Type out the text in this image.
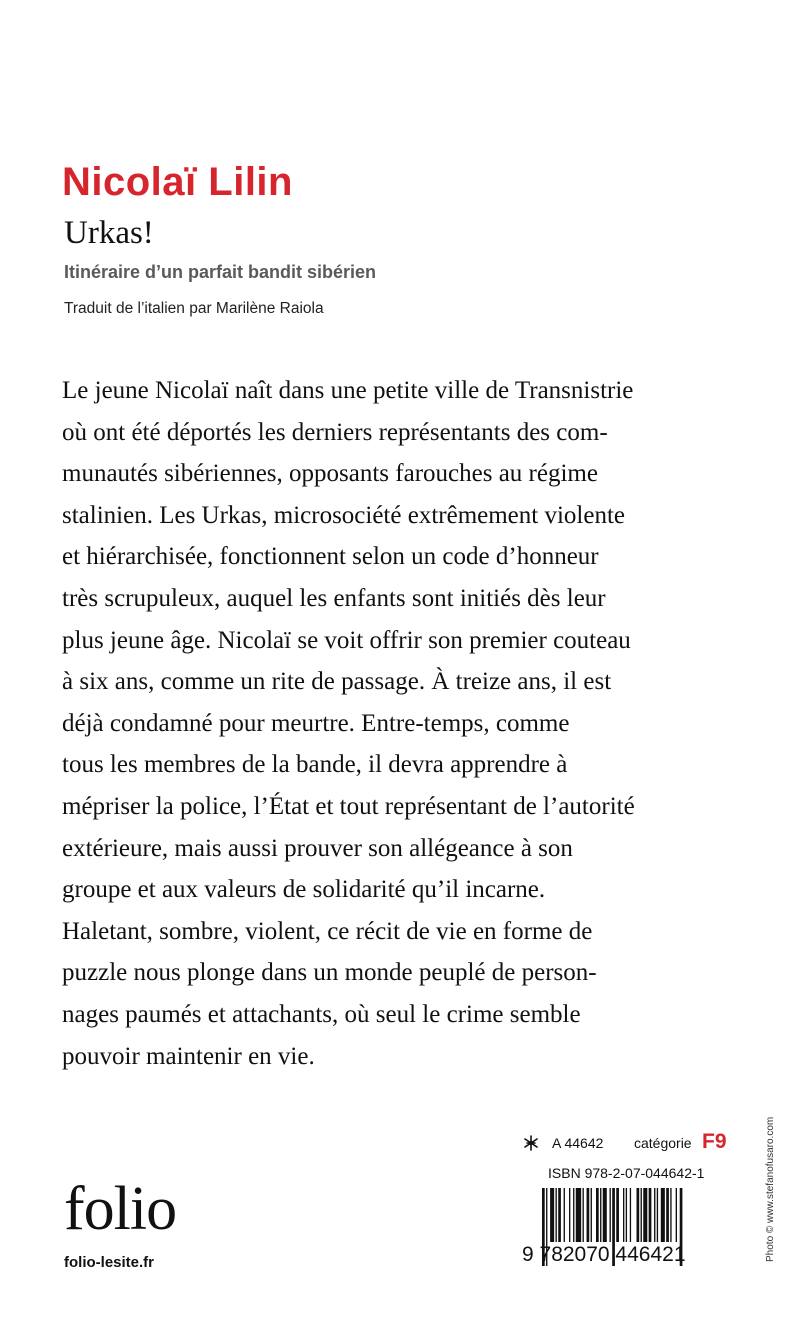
Nicolaï Lilin
Urkas!
Itinéraire d’un parfait bandit sibérien
Traduit de l’italien par Marilène Raiola
Le jeune Nicolaï naît dans une petite ville de Transnistrie
où ont été déportés les derniers représentants des com-
munautés sibériennes, opposants farouches au régime
stalinien. Les Urkas, microsociété extrêmement violente
et hiérarchisée, fonctionnent selon un code d’honneur
très scrupuleux, auquel les enfants sont initiés dès leur
plus jeune âge. Nicolaï se voit offrir son premier couteau
à six ans, comme un rite de passage. À treize ans, il est
déjà condamné pour meurtre. Entre-temps, comme
tous les membres de la bande, il devra apprendre à
mépriser la police, l’État et tout représentant de l’autorité
extérieure, mais aussi prouver son allégeance à son
groupe et aux valeurs de solidarité qu’il incarne.
Haletant, sombre, violent, ce récit de vie en forme de
puzzle nous plonge dans un monde peuplé de person-
nages paumés et attachants, où seul le crime semble
pouvoir maintenir en vie.
folio
folio-lesite.fr
A 44642 catégorie F9
ISBN 978-2-07-044642-1
9 782070 446421	Photo © www.stefanofusaro.com
